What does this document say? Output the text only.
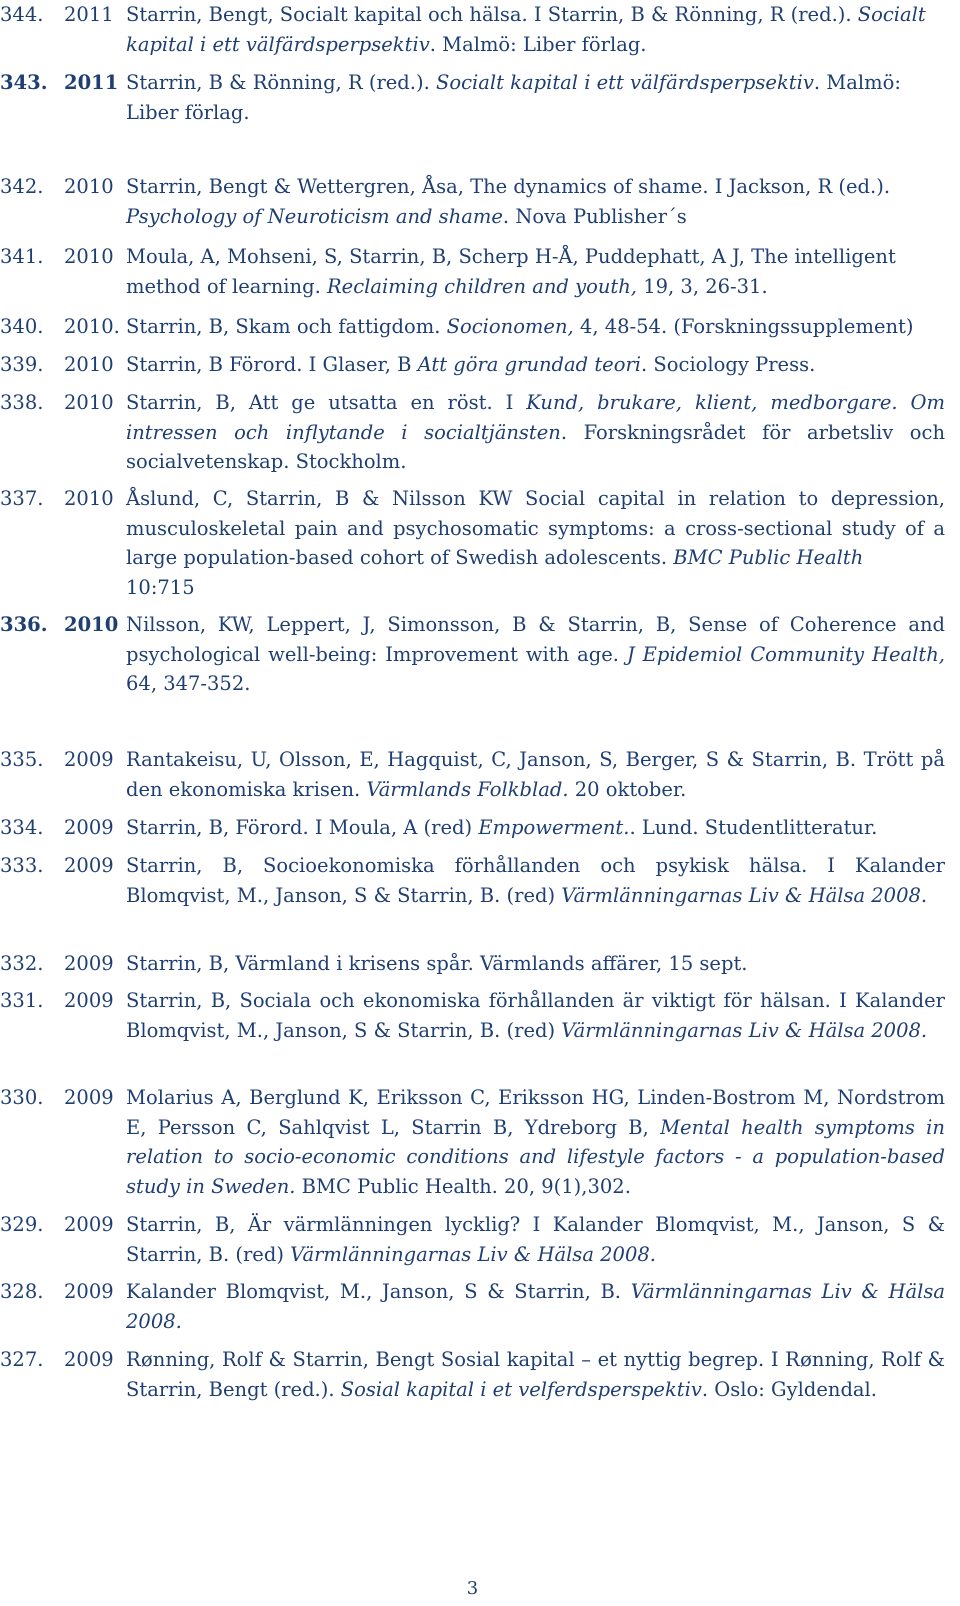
344. 2011 Starrin, Bengt, Socialt kapital och hälsa. I Starrin, B & Rönning, R (red.). Socialt kapital i ett välfärdsperpsektiv. Malmö: Liber förlag.
343. 2011 Starrin, B & Rönning, R (red.). Socialt kapital i ett välfärdsperpsektiv. Malmö: Liber förlag.
342. 2010 Starrin, Bengt & Wettergren, Åsa, The dynamics of shame. I Jackson, R (ed.). Psychology of Neuroticism and shame. Nova Publisher´s
341. 2010 Moula, A, Mohseni, S, Starrin, B, Scherp H-Å, Puddephatt, A J, The intelligent method of learning. Reclaiming children and youth, 19, 3, 26-31.
340. 2010. Starrin, B, Skam och fattigdom. Socionomen, 4, 48-54. (Forskningssupplement)
339. 2010 Starrin, B Förord. I Glaser, B Att göra grundad teori. Sociology Press.
338. 2010 Starrin, B, Att ge utsatta en röst. I Kund, brukare, klient, medborgare. Om intressen och inflytande i socialtjänsten. Forskningsrådet för arbetsliv och socialvetenskap. Stockholm.
337. 2010 Åslund, C, Starrin, B & Nilsson KW Social capital in relation to depression, musculoskeletal pain and psychosomatic symptoms: a cross-sectional study of a large population-based cohort of Swedish adolescents. BMC Public Health
10:715
336. 2010 Nilsson, KW, Leppert, J, Simonsson, B & Starrin, B, Sense of Coherence and psychological well-being: Improvement with age. J Epidemiol Community Health, 64, 347-352.
335. 2009 Rantakeisu, U, Olsson, E, Hagquist, C, Janson, S, Berger, S & Starrin, B. Trött på den ekonomiska krisen. Värmlands Folkblad. 20 oktober.
334. 2009 Starrin, B, Förord. I Moula, A (red) Empowerment.. Lund. Studentlitteratur.
333. 2009 Starrin, B, Socioekonomiska förhållanden och psykisk hälsa. I Kalander Blomqvist, M., Janson, S & Starrin, B. (red) Värmlänningarnas Liv & Hälsa 2008.
332. 2009 Starrin, B, Värmland i krisens spår. Värmlands affärer, 15 sept.
331. 2009 Starrin, B, Sociala och ekonomiska förhållanden är viktigt för hälsan. I Kalander Blomqvist, M., Janson, S & Starrin, B. (red) Värmlänningarnas Liv & Hälsa 2008.
330. 2009 Molarius A, Berglund K, Eriksson C, Eriksson HG, Linden-Bostrom M, Nordstrom E, Persson C, Sahlqvist L, Starrin B, Ydreborg B, Mental health symptoms in relation to socio-economic conditions and lifestyle factors - a population-based study in Sweden. BMC Public Health. 20, 9(1),302.
329. 2009 Starrin, B, Är värmlänningen lycklig? I Kalander Blomqvist, M., Janson, S & Starrin, B. (red) Värmlänningarnas Liv & Hälsa 2008.
328. 2009 Kalander Blomqvist, M., Janson, S & Starrin, B. Värmlänningarnas Liv & Hälsa 2008.
327. 2009 Rønning, Rolf & Starrin, Bengt Sosial kapital – et nyttig begrep. I Rønning, Rolf & Starrin, Bengt (red.). Sosial kapital i et velferdsperspektiv. Oslo: Gyldendal.
3
